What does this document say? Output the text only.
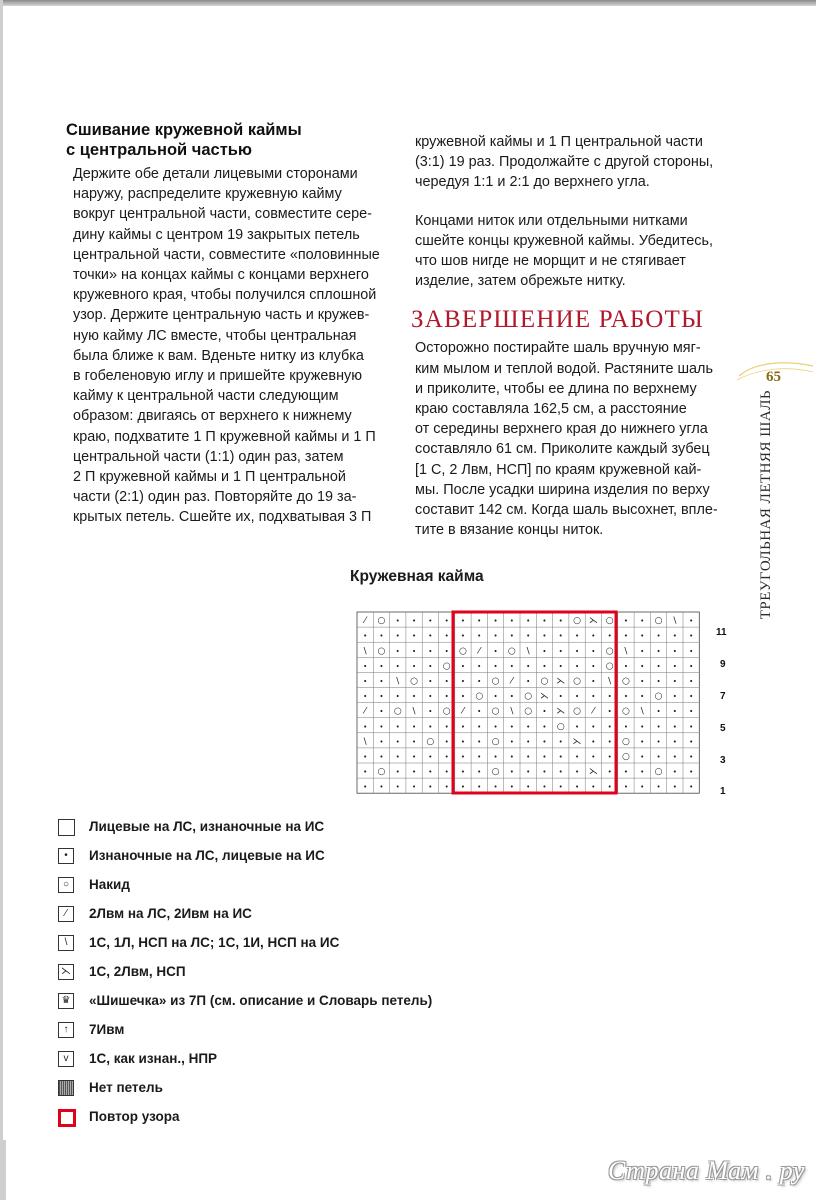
Сшивание кружевной каймы
с центральной частью
Держите обе детали лицевыми сторонами
наружу, распределите кружевную кайму
вокруг центральной части, совместите сере-
дину каймы с центром 19 закрытых петель
центральной части, совместите «половинные
точки» на концах каймы с концами верхнего
кружевного края, чтобы получился сплошной
узор. Держите центральную часть и кружев-
ную кайму ЛС вместе, чтобы центральная
была ближе к вам. Вденьте нитку из клубка
в гобеленовую иглу и пришейте кружевную
кайму к центральной части следующим
образом: двигаясь от верхнего к нижнему
краю, подхватите 1 П кружевной каймы и 1 П
центральной части (1:1) один раз, затем
2 П кружевной каймы и 1 П центральной
части (2:1) один раз. Повторяйте до 19 за-
крытых петель. Сшейте их, подхватывая 3 П
кружевной каймы и 1 П центральной части
(3:1) 19 раз. Продолжайте с другой стороны,
чередуя 1:1 и 2:1 до верхнего угла.
Концами ниток или отдельными нитками
сшейте концы кружевной каймы. Убедитесь,
что шов нигде не морщит и не стягивает
изделие, затем обрежьте нитку.
ЗАВЕРШЕНИЕ РАБОТЫ
Осторожно постирайте шаль вручную мяг-
ким мылом и теплой водой. Растяните шаль
и приколите, чтобы ее длина по верхнему
краю составляла 162,5 см, а расстояние
от середины верхнего края до нижнего угла
составляло 61 см. Приколите каждый зубец
[1 С, 2 Лвм, НСП] по краям кружевной кай-
мы. После усадки ширина изделия по верху
составит 142 см. Когда шаль высохнет, впле-
тите в вязание концы ниток.
65
ТРЕУГОЛЬНАЯ ЛЕТНЯЯ ШАЛЬ
Кружевная кайма
⁄ ○ • • • • • • • • • • • ○ ⋋ ○ • • ○ \ •
• • • • • • • • • • • • • • • • • • • • •
\ ○ • • • • ○ ⁄	• ○ \ • • • • ○ \ • • • •
• • • • • ○ • • • • • • • • • ○ • • • • •
• • \ ○ • • • • ○ ⁄	• ○ ⋋ ○ • \ ○ • • • •
• • • • • • • ○ • • ○ ⋋ • • • • • • ○ • •
⁄	• ○ \ • ○ ⁄	• ○ \ ○ • ⋋ ○ ⁄	• ○ \ • • •
• • • • • • • • • • • • ○ • • • • • • • •
\ • • • ○ • • • ○ • • • • ⋋ • • ○ • • • •
• • • • • • • • • • • • • • • • ○ • • • •
• ○ • • • • • • ○ • • • • • ⋋ • • • ○ • •
• • • • • • • • • • • • • • • • • • • • •
11
9
7
5
3
1
Лицевые на ЛС, изнаночные на ИС
•	Изнаночные на ЛС, лицевые на ИС
○	Накид
⁄	2Лвм на ЛС, 2Ивм на ИС
\	1С, 1Л, НСП на ЛС; 1С, 1И, НСП на ИС
⋋ 1С, 2Лвм, НСП
♛ «Шишечка» из 7П (см. описание и Словарь петель)
↑	7Ивм
v	1С, как изнан., НПР
Нет петель
Повтор узора
Страна Мам . ру
